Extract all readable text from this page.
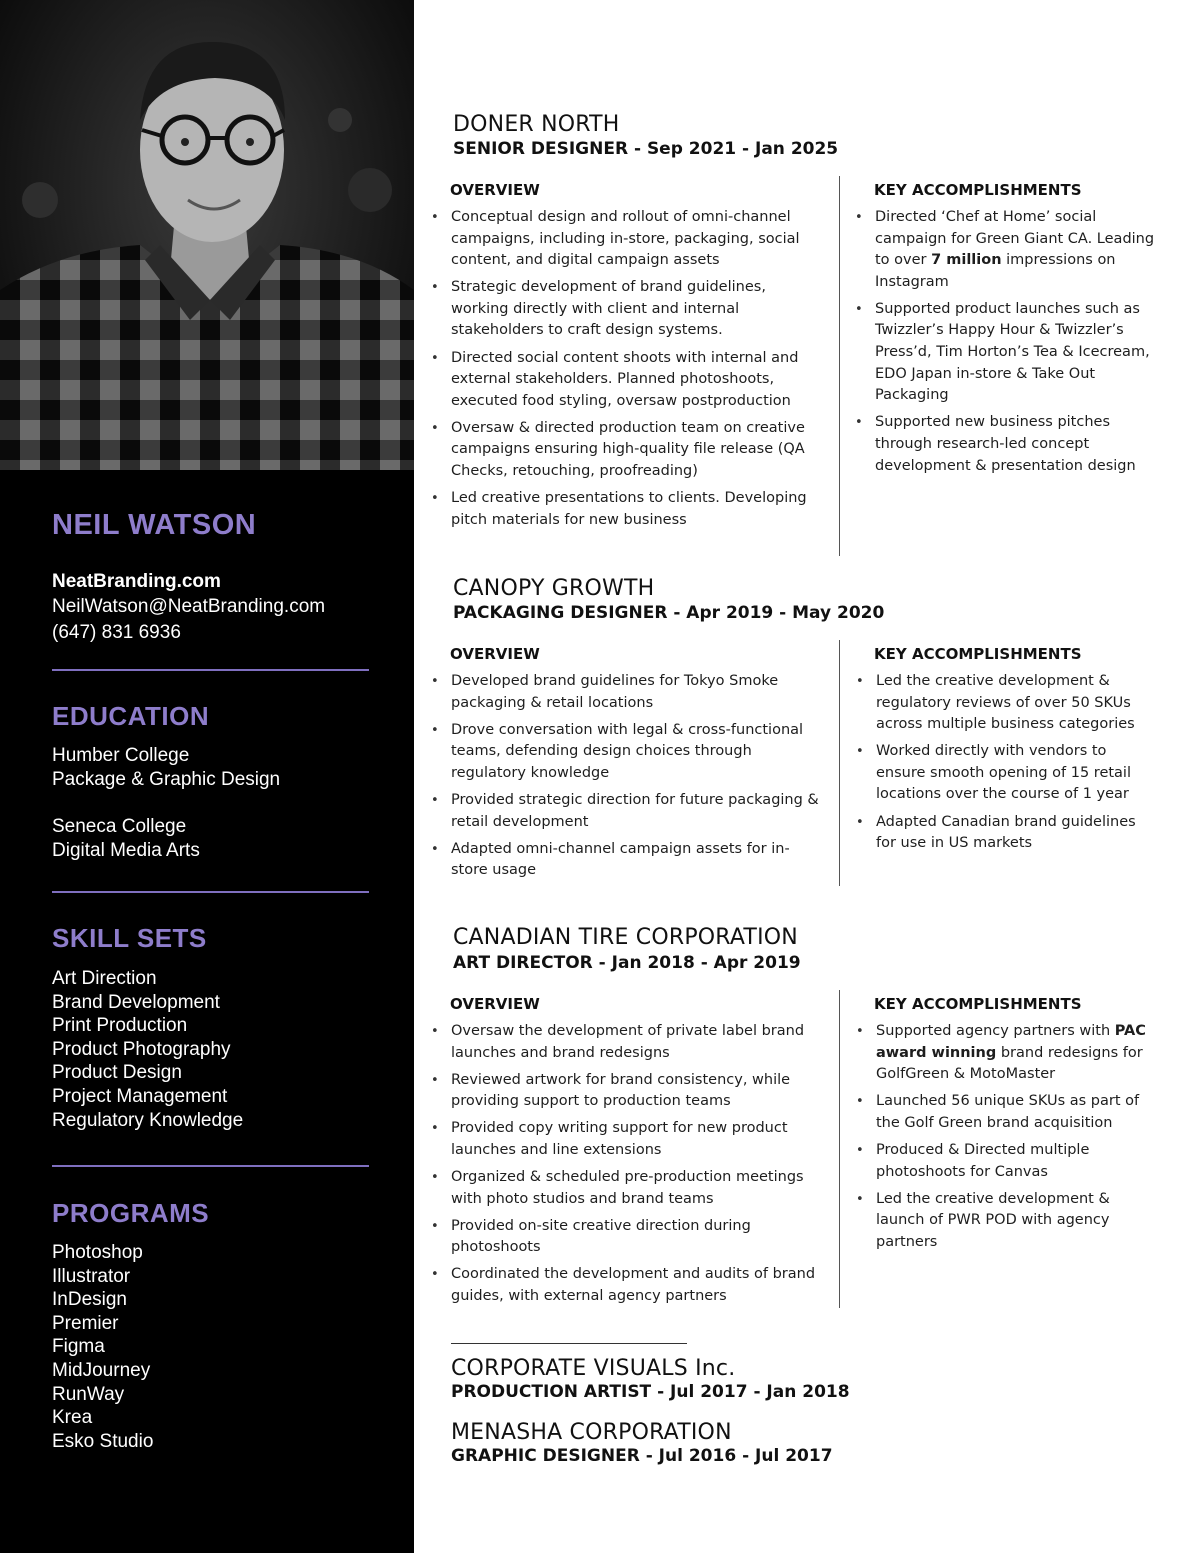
NEIL WATSON
NeatBranding.com
NeilWatson@NeatBranding.com
(647) 831 6936
EDUCATION
Humber College
Package & Graphic Design
Seneca College
Digital Media Arts
SKILL SETS
Art Direction
Brand Development
Print Production
Product Photography
Product Design
Project Management
Regulatory Knowledge
PROGRAMS
Photoshop
Illustrator
InDesign
Premier
Figma
MidJourney
RunWay
Krea
Esko Studio
DONER NORTH
SENIOR DESIGNER - Sep 2021 - Jan 2025
OVERVIEW
• Conceptual design and rollout of omni-channel campaigns, including in-store, packaging, social content, and digital campaign assets
• Strategic development of brand guidelines, working directly with client and internal stakeholders to craft design systems.
• Directed social content shoots with internal and external stakeholders. Planned photoshoots, executed food styling, oversaw postproduction
• Oversaw & directed production team on creative campaigns ensuring high-quality file release (QA Checks, retouching, proofreading)
• Led creative presentations to clients. Developing pitch materials for new business
KEY ACCOMPLISHMENTS
• Directed ‘Chef at Home’ social campaign for Green Giant CA. Leading to over 7 million impressions on Instagram
• Supported product launches such as Twizzler’s Happy Hour & Twizzler’s Press’d, Tim Horton’s Tea & Icecream, EDO Japan in-store & Take Out Packaging
• Supported new business pitches through research-led concept development & presentation design
CANOPY GROWTH
PACKAGING DESIGNER - Apr 2019 - May 2020
OVERVIEW
• Developed brand guidelines for Tokyo Smoke packaging & retail locations
• Drove conversation with legal & cross-functional teams, defending design choices through regulatory knowledge
• Provided strategic direction for future packaging & retail development
• Adapted omni-channel campaign assets for in-store usage
KEY ACCOMPLISHMENTS
• Led the creative development & regulatory reviews of over 50 SKUs across multiple business categories
• Worked directly with vendors to ensure smooth opening of 15 retail locations over the course of 1 year
• Adapted Canadian brand guidelines for use in US markets
CANADIAN TIRE CORPORATION
ART DIRECTOR - Jan 2018 - Apr 2019
OVERVIEW
• Oversaw the development of private label brand launches and brand redesigns
• Reviewed artwork for brand consistency, while providing support to production teams
• Provided copy writing support for new product launches and line extensions
• Organized & scheduled pre-production meetings with photo studios and brand teams
• Provided on-site creative direction during photoshoots
• Coordinated the development and audits of brand guides, with external agency partners
KEY ACCOMPLISHMENTS
• Supported agency partners with PAC award winning brand redesigns for GolfGreen & MotoMaster
• Launched 56 unique SKUs as part of the Golf Green brand acquisition
• Produced & Directed multiple photoshoots for Canvas
• Led the creative development & launch of PWR POD with agency partners
CORPORATE VISUALS Inc.
PRODUCTION ARTIST - Jul 2017 - Jan 2018
MENASHA CORPORATION
GRAPHIC DESIGNER - Jul 2016 - Jul 2017
